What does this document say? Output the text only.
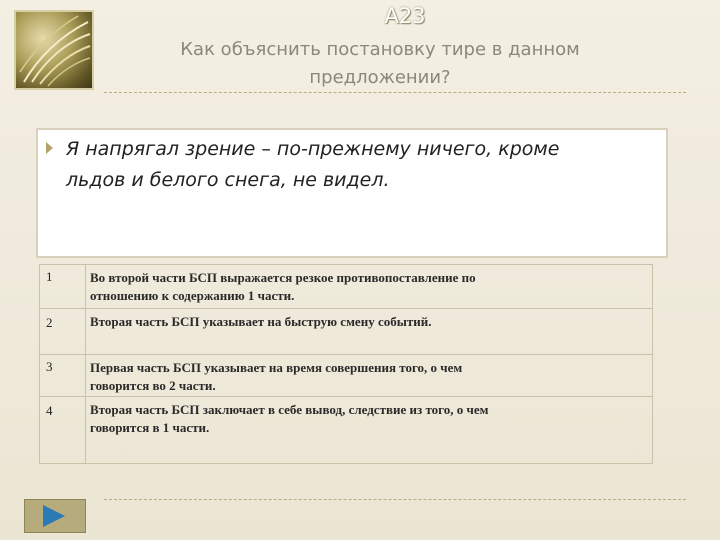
A23
Как объяснить постановку тире в данном
предложении?
Я напрягал зрение – по-прежнему ничего, кроме
льдов и белого снега, не видел.
1	Во второй части БСП выражается резкое противопоставление по
отношению к содержанию 1 части.
2	Вторая часть БСП указывает на быструю смену событий.
3	Первая часть БСП указывает на время совершения того, о чем
говорится во 2 части.
4	Вторая часть БСП заключает в себе вывод, следствие из того, о чем
говорится в 1 части.
